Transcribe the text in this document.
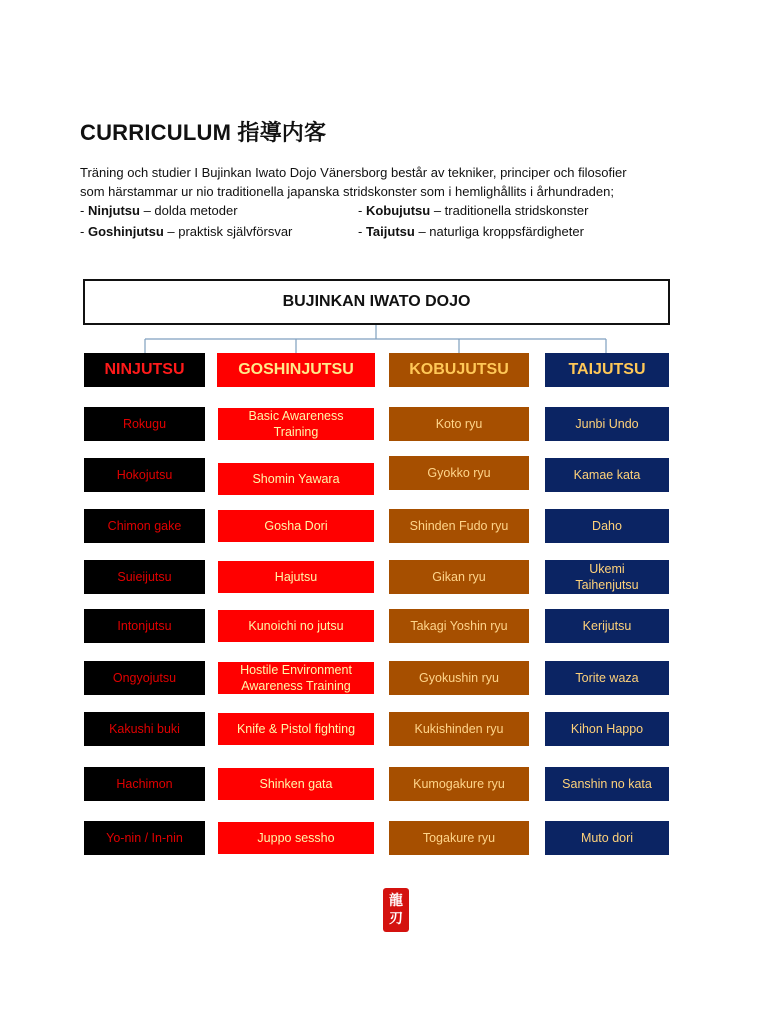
CURRICULUM 指導内客
Träning och studier I Bujinkan Iwato Dojo Vänersborg består av tekniker, principer och filosofier
som härstammar ur nio traditionella japanska stridskonster som i hemlighållits i århundraden;
- Ninjutsu – dolda metoder	- Kobujutsu – traditionella stridskonster
- Goshinjutsu – praktisk självförsvar	- Taijutsu – naturliga kroppsfärdigheter
BUJINKAN IWATO DOJO
NINJUTSU
Rokugu
Hokojutsu
Chimon gake
Suieijutsu
Intonjutsu
Ongyojutsu
Kakushi buki
Hachimon
Yo-nin / In-nin
GOSHINJUTSU
Basic Awareness
Training
Shomin Yawara
Gosha Dori
Hajutsu
Kunoichi no jutsu
Hostile Environment
Awareness Training
Knife & Pistol fighting
Shinken gata
Juppo sessho
KOBUJUTSU
Koto ryu
Gyokko ryu
Shinden Fudo ryu
Gikan ryu
Takagi Yoshin ryu
Gyokushin ryu
Kukishinden ryu
Kumogakure ryu
Togakure ryu
TAIJUTSU
Junbi Undo
Kamae kata
Daho
Ukemi
Taihenjutsu
Kerijutsu
Torite waza
Kihon Happo
Sanshin no kata
Muto dori
龍
刃
